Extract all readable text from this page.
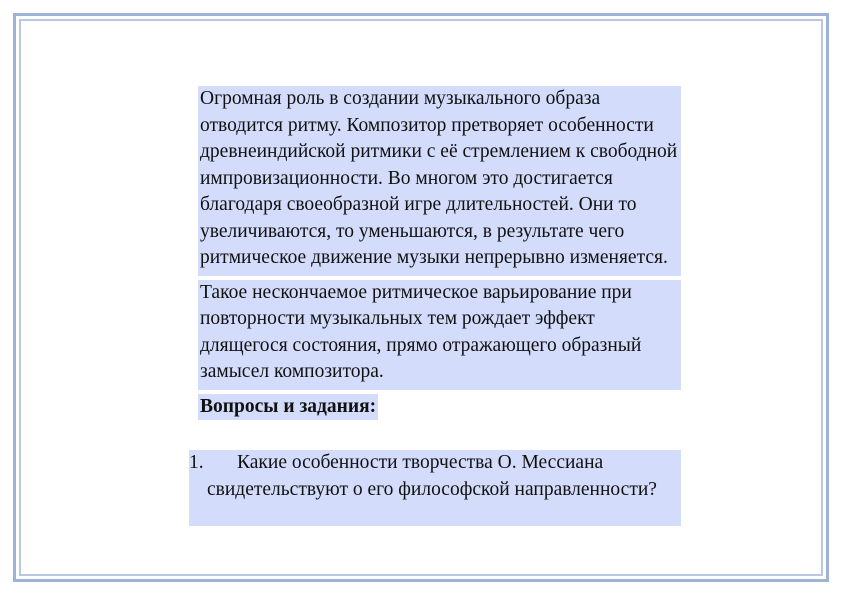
Огромная роль в создании музыкального образа отводится ритму. Композитор претворяет особенности древнеиндийской ритмики с её стремлением к свободной импровизационности. Во многом это достигается благодаря своеобразной игре длительностей. Они то увеличиваются, то уменьшаются, в результате чего ритмическое движение музыки непрерывно изменяется.

Такое нескончаемое ритмическое варьирование при повторности музыкальных тем рождает эффект длящегося состояния, прямо отражающего образный замысел композитора.

Вопросы и задания:
1. Какие особенности творчества О. Мессиана
свидетельствуют о его философской направленности?
